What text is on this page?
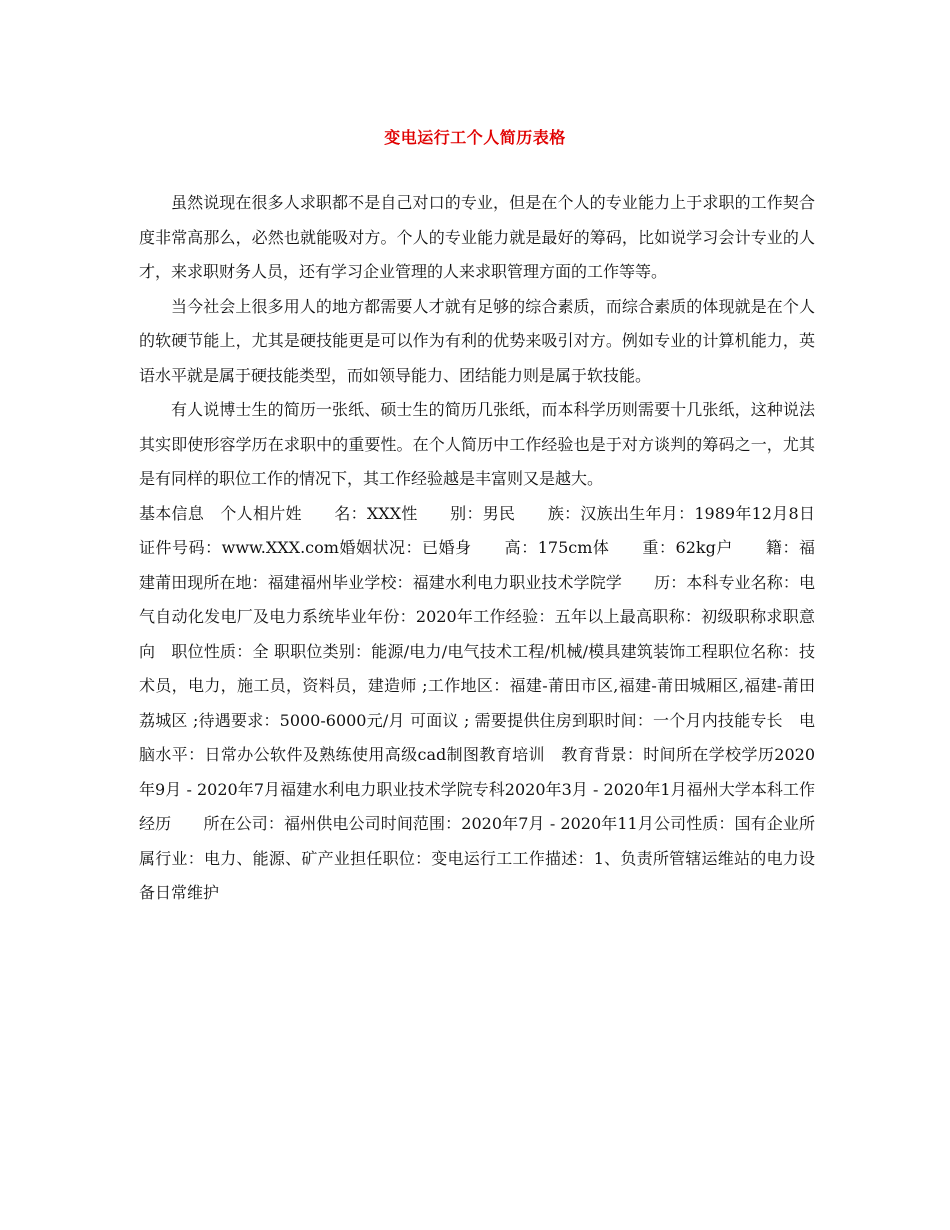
变电运行工个人简历表格

虽然说现在很多人求职都不是自己对口的专业，但是在个人的专业能力上于求职的工作契合度非常高那么，必然也就能吸对方。个人的专业能力就是最好的筹码，比如说学习会计专业的人才，来求职财务人员，还有学习企业管理的人来求职管理方面的工作等等。

当今社会上很多用人的地方都需要人才就有足够的综合素质，而综合素质的体现就是在个人的软硬节能上，尤其是硬技能更是可以作为有利的优势来吸引对方。例如专业的计算机能力，英语水平就是属于硬技能类型，而如领导能力、团结能力则是属于软技能。

有人说博士生的简历一张纸、硕士生的简历几张纸，而本科学历则需要十几张纸，这种说法其实即使形容学历在求职中的重要性。在个人简历中工作经验也是于对方谈判的筹码之一，尤其是有同样的职位工作的情况下，其工作经验越是丰富则又是越大。

基本信息　个人相片姓　　名：XXX性　　别：男民　　族：汉族出生年月：1989年12月8日证件号码：www.XXX.com婚姻状况：已婚身　　高：175cm体　　重：62kg户　　籍：福建莆田现所在地：福建福州毕业学校：福建水利电力职业技术学院学　　历：本科专业名称：电气自动化发电厂及电力系统毕业年份：2020年工作经验：五年以上最高职称：初级职称求职意向　职位性质：全 职职位类别：能源/电力/电气技术工程/机械/模具建筑装饰工程职位名称：技术员，电力，施工员，资料员，建造师 ;工作地区：福建-莆田市区,福建-莆田城厢区,福建-莆田荔城区 ;待遇要求：5000-6000元/月 可面议 ; 需要提供住房到职时间：一个月内技能专长　电脑水平：日常办公软件及熟练使用高级cad制图教育培训　教育背景：时间所在学校学历2020年9月 - 2020年7月福建水利电力职业技术学院专科2020年3月 - 2020年1月福州大学本科工作经历　　所在公司：福州供电公司时间范围：2020年7月 - 2020年11月公司性质：国有企业所属行业：电力、能源、矿产业担任职位：变电运行工工作描述：1、负责所管辖运维站的电力设备日常维护
